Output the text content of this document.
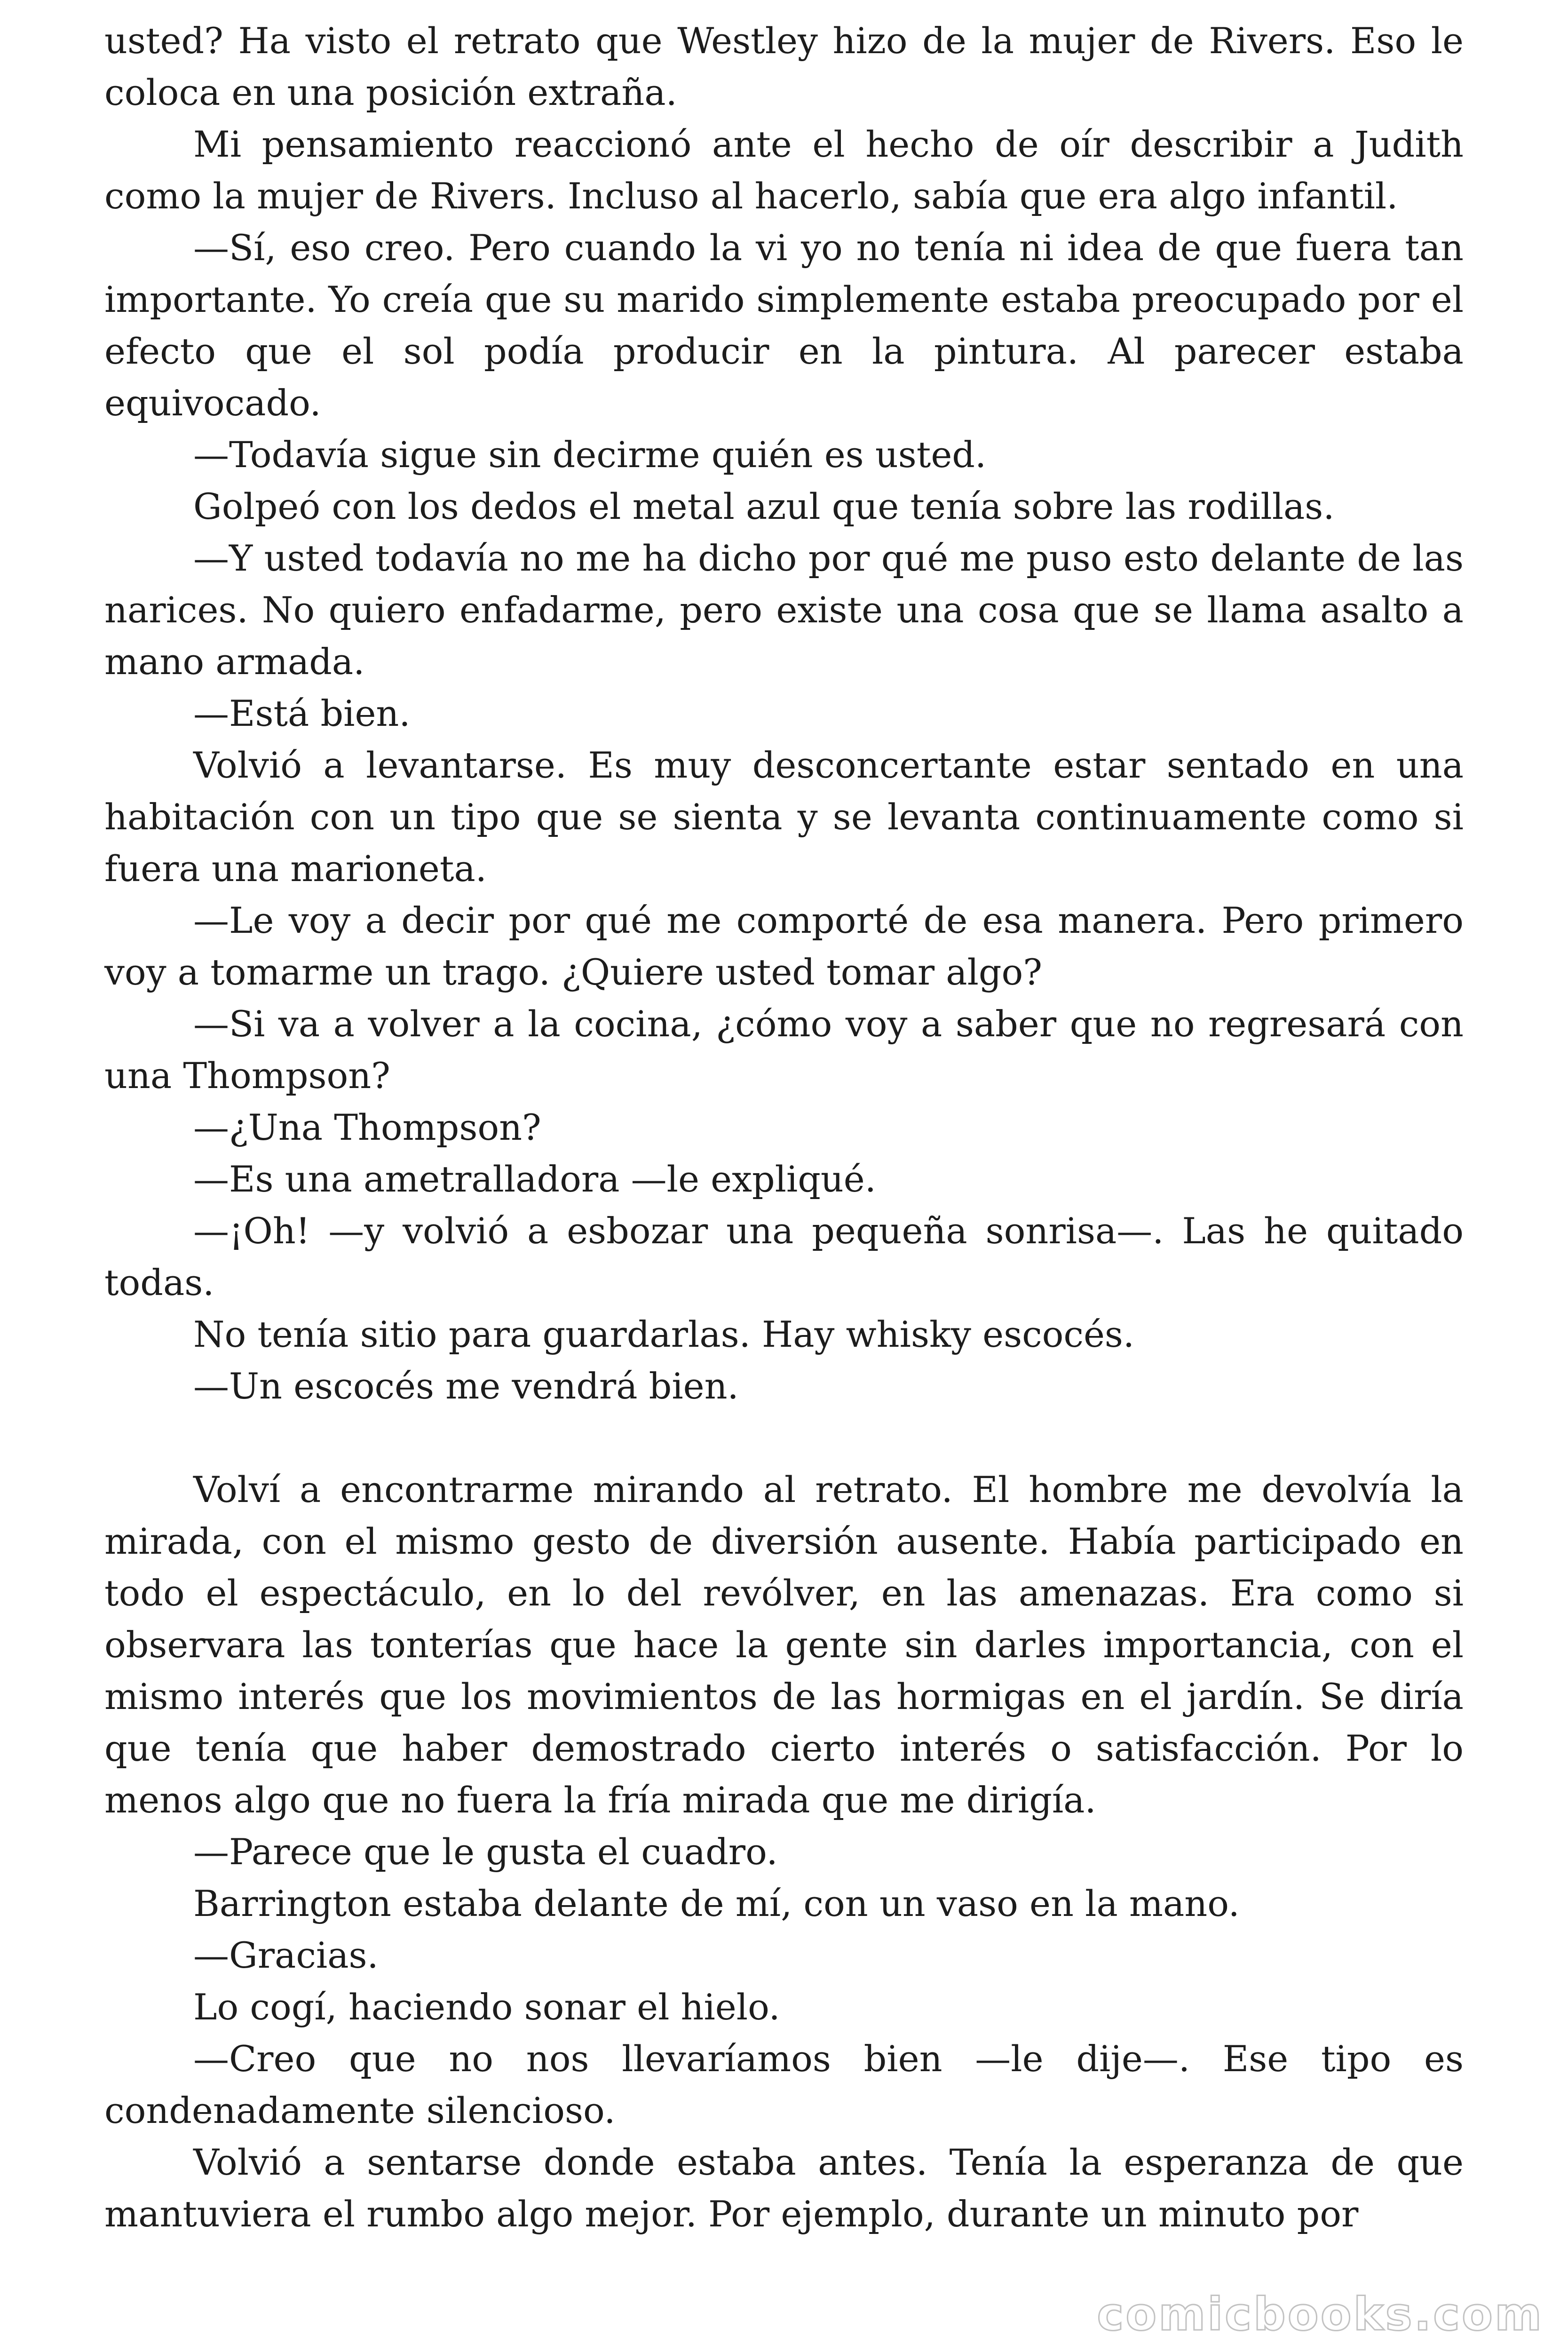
usted? Ha visto el retrato que Westley hizo de la mujer de Rivers. Eso le coloca en una posición extraña.

Mi pensamiento reaccionó ante el hecho de oír describir a Judith como la mujer de Rivers. Incluso al hacerlo, sabía que era algo infantil.

—Sí, eso creo. Pero cuando la vi yo no tenía ni idea de que fuera tan importante. Yo creía que su marido simplemente estaba preocupado por el efecto que el sol podía producir en la pintura. Al parecer estaba equivocado.

—Todavía sigue sin decirme quién es usted.

Golpeó con los dedos el metal azul que tenía sobre las rodillas.

—Y usted todavía no me ha dicho por qué me puso esto delante de las narices. No quiero enfadarme, pero existe una cosa que se llama asalto a mano armada.

—Está bien.

Volvió a levantarse. Es muy desconcertante estar sentado en una habitación con un tipo que se sienta y se levanta continuamente como si fuera una marioneta.

—Le voy a decir por qué me comporté de esa manera. Pero primero voy a tomarme un trago. ¿Quiere usted tomar algo?

—Si va a volver a la cocina, ¿cómo voy a saber que no regresará con una Thompson?

—¿Una Thompson?

—Es una ametralladora —le expliqué.

—¡Oh! —y volvió a esbozar una pequeña sonrisa—. Las he quitado todas.

No tenía sitio para guardarlas. Hay whisky escocés.

—Un escocés me vendrá bien.

Volví a encontrarme mirando al retrato. El hombre me devolvía la mirada, con el mismo gesto de diversión ausente. Había participado en todo el espectáculo, en lo del revólver, en las amenazas. Era como si observara las tonterías que hace la gente sin darles importancia, con el mismo interés que los movimientos de las hormigas en el jardín. Se diría que tenía que haber demostrado cierto interés o satisfacción. Por lo menos algo que no fuera la fría mirada que me dirigía.

—Parece que le gusta el cuadro.

Barrington estaba delante de mí, con un vaso en la mano.

—Gracias.

Lo cogí, haciendo sonar el hielo.

—Creo que no nos llevaríamos bien —le dije—. Ese tipo es condenadamente silencioso.

Volvió a sentarse donde estaba antes. Tenía la esperanza de que mantuviera el rumbo algo mejor. Por ejemplo, durante un minuto por

comicbooks.com
